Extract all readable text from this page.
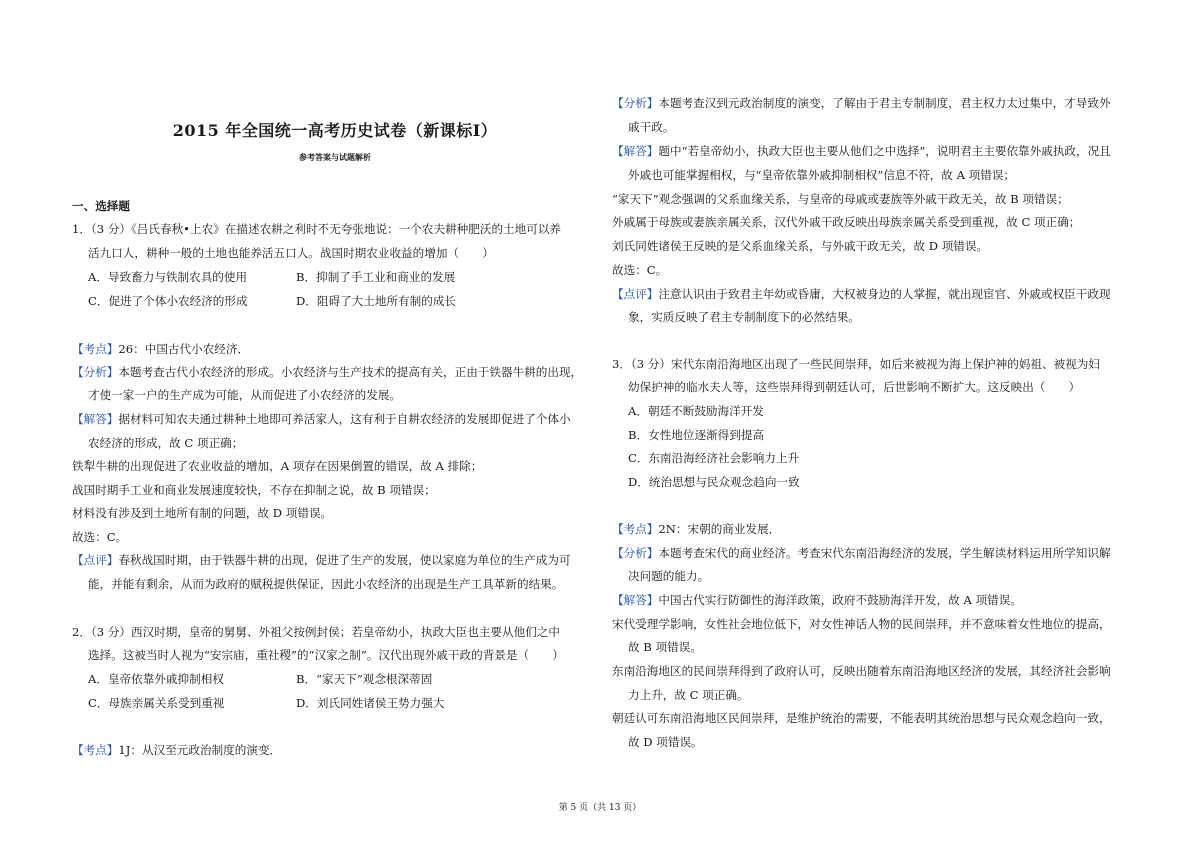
2015 年全国统一高考历史试卷（新课标Ⅰ）
参考答案与试题解析
一、选择题
1．（3 分）《吕氏春秋•上农》在描述农耕之利时不无夸张地说：一个农夫耕种肥沃的土地可以养
活九口人，耕种一般的土地也能养活五口人。战国时期农业收益的增加（　　）
A．导致畜力与铁制农具的使用	B．抑制了手工业和商业的发展
C．促进了个体小农经济的形成	D．阻碍了大土地所有制的成长
【考点】26：中国古代小农经济．
【分析】本题考查古代小农经济的形成。小农经济与生产技术的提高有关，正由于铁器牛耕的出现，
才使一家一户的生产成为可能，从而促进了小农经济的发展。
【解答】据材料可知农夫通过耕种土地即可养活家人，这有利于自耕农经济的发展即促进了个体小
农经济的形成，故 C 项正确；
铁犁牛耕的出现促进了农业收益的增加，A 项存在因果倒置的错误，故 A 排除；
战国时期手工业和商业发展速度较快，不存在抑制之说，故 B 项错误；
材料没有涉及到土地所有制的问题，故 D 项错误。
故选：C。
【点评】春秋战国时期，由于铁器牛耕的出现，促进了生产的发展，使以家庭为单位的生产成为可
能，并能有剩余，从而为政府的赋税提供保证，因此小农经济的出现是生产工具革新的结果。
2．（3 分）西汉时期，皇帝的舅舅、外祖父按例封侯；若皇帝幼小，执政大臣也主要从他们之中
选择。这被当时人视为“安宗庙，重社稷”的“汉家之制”。汉代出现外戚干政的背景是（　　）
A．皇帝依靠外戚抑制相权	B．“家天下”观念根深蒂固
C．母族亲属关系受到重视	D．刘氏同姓诸侯王势力强大
【考点】1J：从汉至元政治制度的演变．
【分析】本题考查汉到元政治制度的演变，了解由于君主专制制度，君主权力太过集中，才导致外
戚干政。
【解答】题中“若皇帝幼小，执政大臣也主要从他们之中选择”，说明君主主要依靠外戚执政，况且
外戚也可能掌握相权，与“皇帝依靠外戚抑制相权”信息不符，故 A 项错误；
“家天下”观念强调的父系血缘关系，与皇帝的母戚或妻族等外戚干政无关，故 B 项错误；
外戚属于母族或妻族亲属关系，汉代外戚干政反映出母族亲属关系受到重视，故 C 项正确；
刘氏同姓诸侯王反映的是父系血缘关系，与外戚干政无关，故 D 项错误。
故选：C。
【点评】注意认识由于致君主年幼或昏庸，大权被身边的人掌握，就出现宦官、外戚或权臣干政现
象，实质反映了君主专制制度下的必然结果。
3．（3 分）宋代东南沿海地区出现了一些民间崇拜，如后来被视为海上保护神的妈祖、被视为妇
幼保护神的临水夫人等，这些崇拜得到朝廷认可，后世影响不断扩大。这反映出（　　）
A．朝廷不断鼓励海洋开发
B．女性地位逐渐得到提高
C．东南沿海经济社会影响力上升
D．统治思想与民众观念趋向一致
【考点】2N：宋朝的商业发展．
【分析】本题考查宋代的商业经济。考查宋代东南沿海经济的发展，学生解读材料运用所学知识解
决问题的能力。
【解答】中国古代实行防御性的海洋政策，政府不鼓励海洋开发，故 A 项错误。
宋代受理学影响，女性社会地位低下，对女性神话人物的民间崇拜，并不意味着女性地位的提高，
故 B 项错误。
东南沿海地区的民间崇拜得到了政府认可，反映出随着东南沿海地区经济的发展，其经济社会影响
力上升，故 C 项正确。
朝廷认可东南沿海地区民间崇拜，是维护统治的需要，不能表明其统治思想与民众观念趋向一致，
故 D 项错误。
第 5 页（共 13 页）
